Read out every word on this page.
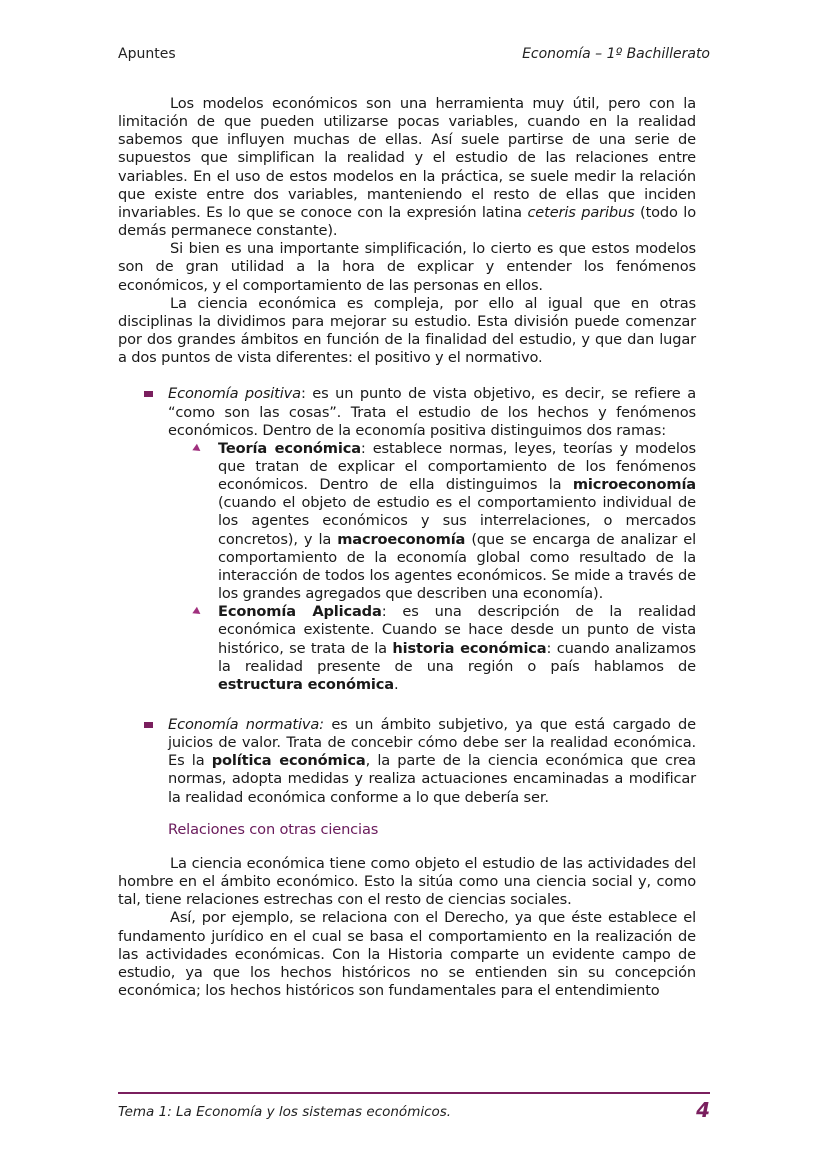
Apuntes	Economía – 1º Bachillerato

Los modelos económicos son una herramienta muy útil, pero con la limitación de que pueden utilizarse pocas variables, cuando en la realidad sabemos que influyen muchas de ellas. Así suele partirse de una serie de supuestos que simplifican la realidad y el estudio de las relaciones entre variables. En el uso de estos modelos en la práctica, se suele medir la relación que existe entre dos variables, manteniendo el resto de ellas que inciden invariables. Es lo que se conoce con la expresión latina ceteris paribus (todo lo demás permanece constante).

Si bien es una importante simplificación, lo cierto es que estos modelos son de gran utilidad a la hora de explicar y entender los fenómenos económicos, y el comportamiento de las personas en ellos.

La ciencia económica es compleja, por ello al igual que en otras disciplinas la dividimos para mejorar su estudio. Esta división puede comenzar por dos grandes ámbitos en función de la finalidad del estudio, y que dan lugar a dos puntos de vista diferentes: el positivo y el normativo.

Economía positiva: es un punto de vista objetivo, es decir, se refiere a “como son las cosas”. Trata el estudio de los hechos y fenómenos económicos. Dentro de la economía positiva distinguimos dos ramas:
Teoría económica: establece normas, leyes, teorías y modelos que tratan de explicar el comportamiento de los fenómenos económicos. Dentro de ella distinguimos la microeconomía (cuando el objeto de estudio es el comportamiento individual de los agentes económicos y sus interrelaciones, o mercados concretos), y la macroeconomía (que se encarga de analizar el comportamiento de la economía global como resultado de la interacción de todos los agentes económicos. Se mide a través de los grandes agregados que describen una economía).
Economía Aplicada: es una descripción de la realidad económica existente. Cuando se hace desde un punto de vista histórico, se trata de la historia económica: cuando analizamos la realidad presente de una región o país hablamos de estructura económica.
Economía normativa: es un ámbito subjetivo, ya que está cargado de juicios de valor. Trata de concebir cómo debe ser la realidad económica. Es la política económica, la parte de la ciencia económica que crea normas, adopta medidas y realiza actuaciones encaminadas a modificar la realidad económica conforme a lo que debería ser.
Relaciones con otras ciencias

La ciencia económica tiene como objeto el estudio de las actividades del hombre en el ámbito económico. Esto la sitúa como una ciencia social y, como tal, tiene relaciones estrechas con el resto de ciencias sociales.

Así, por ejemplo, se relaciona con el Derecho, ya que éste establece el fundamento jurídico en el cual se basa el comportamiento en la realización de las actividades económicas. Con la Historia comparte un evidente campo de estudio, ya que los hechos históricos no se entienden sin su concepción económica; los hechos históricos son fundamentales para el entendimiento

Tema 1: La Economía y los sistemas económicos.	4
